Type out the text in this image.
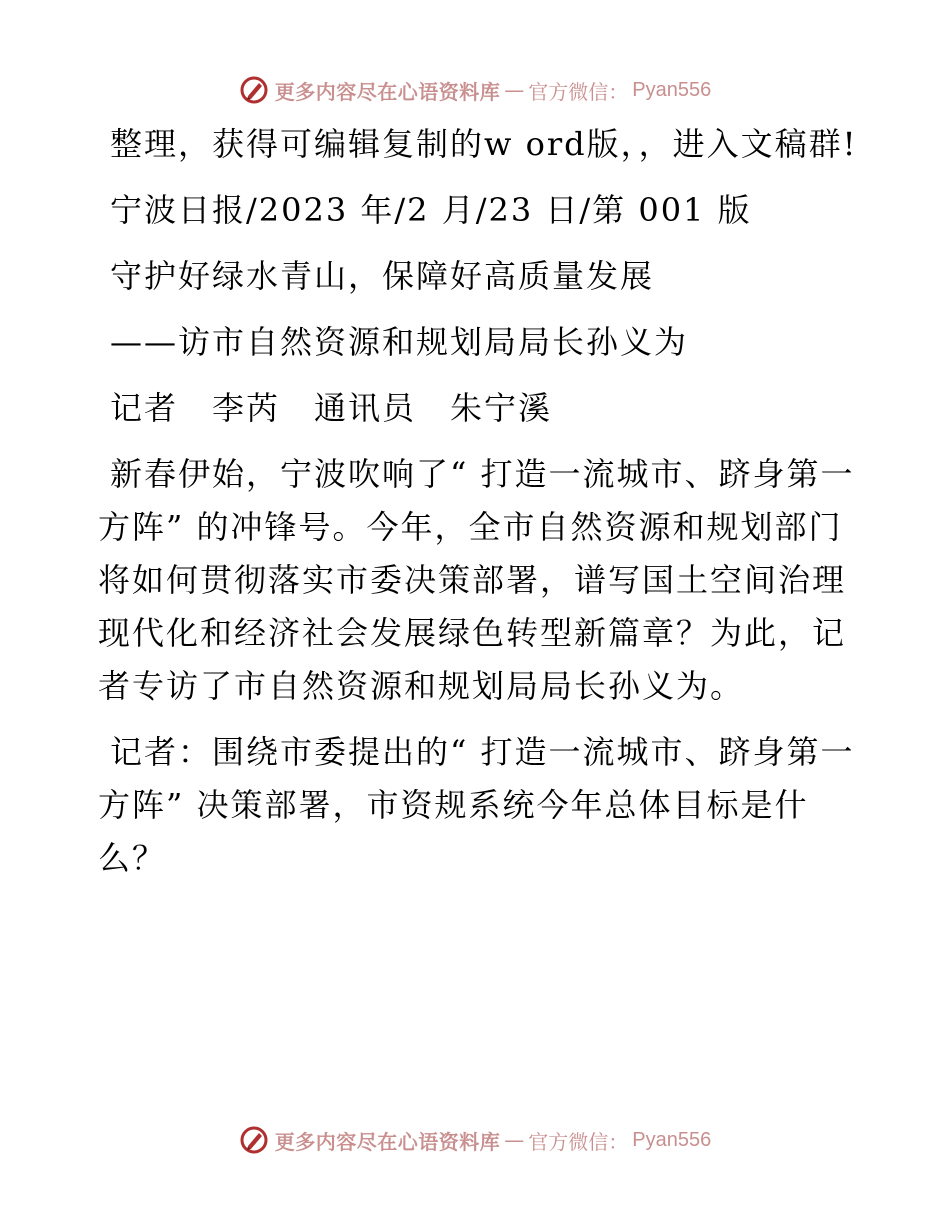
更多内容尽在心语资料库 — 官方微信： Pyan556

整理，获得可编辑复制的w ord版，，进入文稿群!

宁波日报/2023 年/2 月/23 日/第 001 版

守护好绿水青山，保障好高质量发展

——访市自然资源和规划局局长孙义为

记者　李芮　通讯员　朱宁溪

新春伊始，宁波吹响了“ 打造一流城市、跻身第一方阵” 的冲锋号。今年，全市自然资源和规划部门将如何贯彻落实市委决策部署，谱写国土空间治理现代化和经济社会发展绿色转型新篇章？为此，记者专访了市自然资源和规划局局长孙义为。

记者：围绕市委提出的“ 打造一流城市、跻身第一方阵” 决策部署，市资规系统今年总体目标是什么？

更多内容尽在心语资料库 — 官方微信： Pyan556
